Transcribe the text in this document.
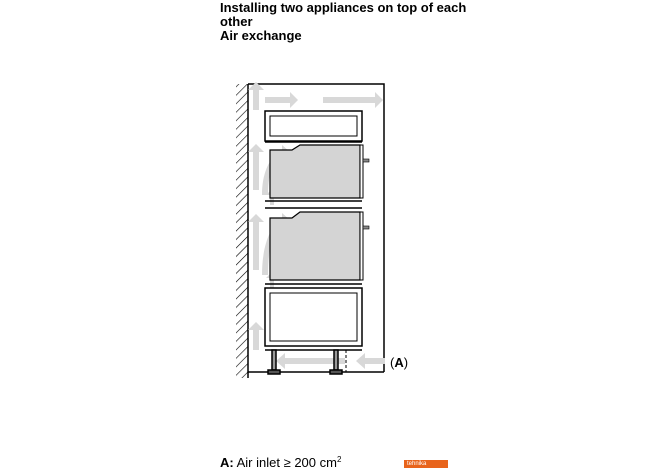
Installing two appliances on top of each
other
Air exchange
(A)
A: Air inlet ≥ 200 $cm^2$	tehnika
